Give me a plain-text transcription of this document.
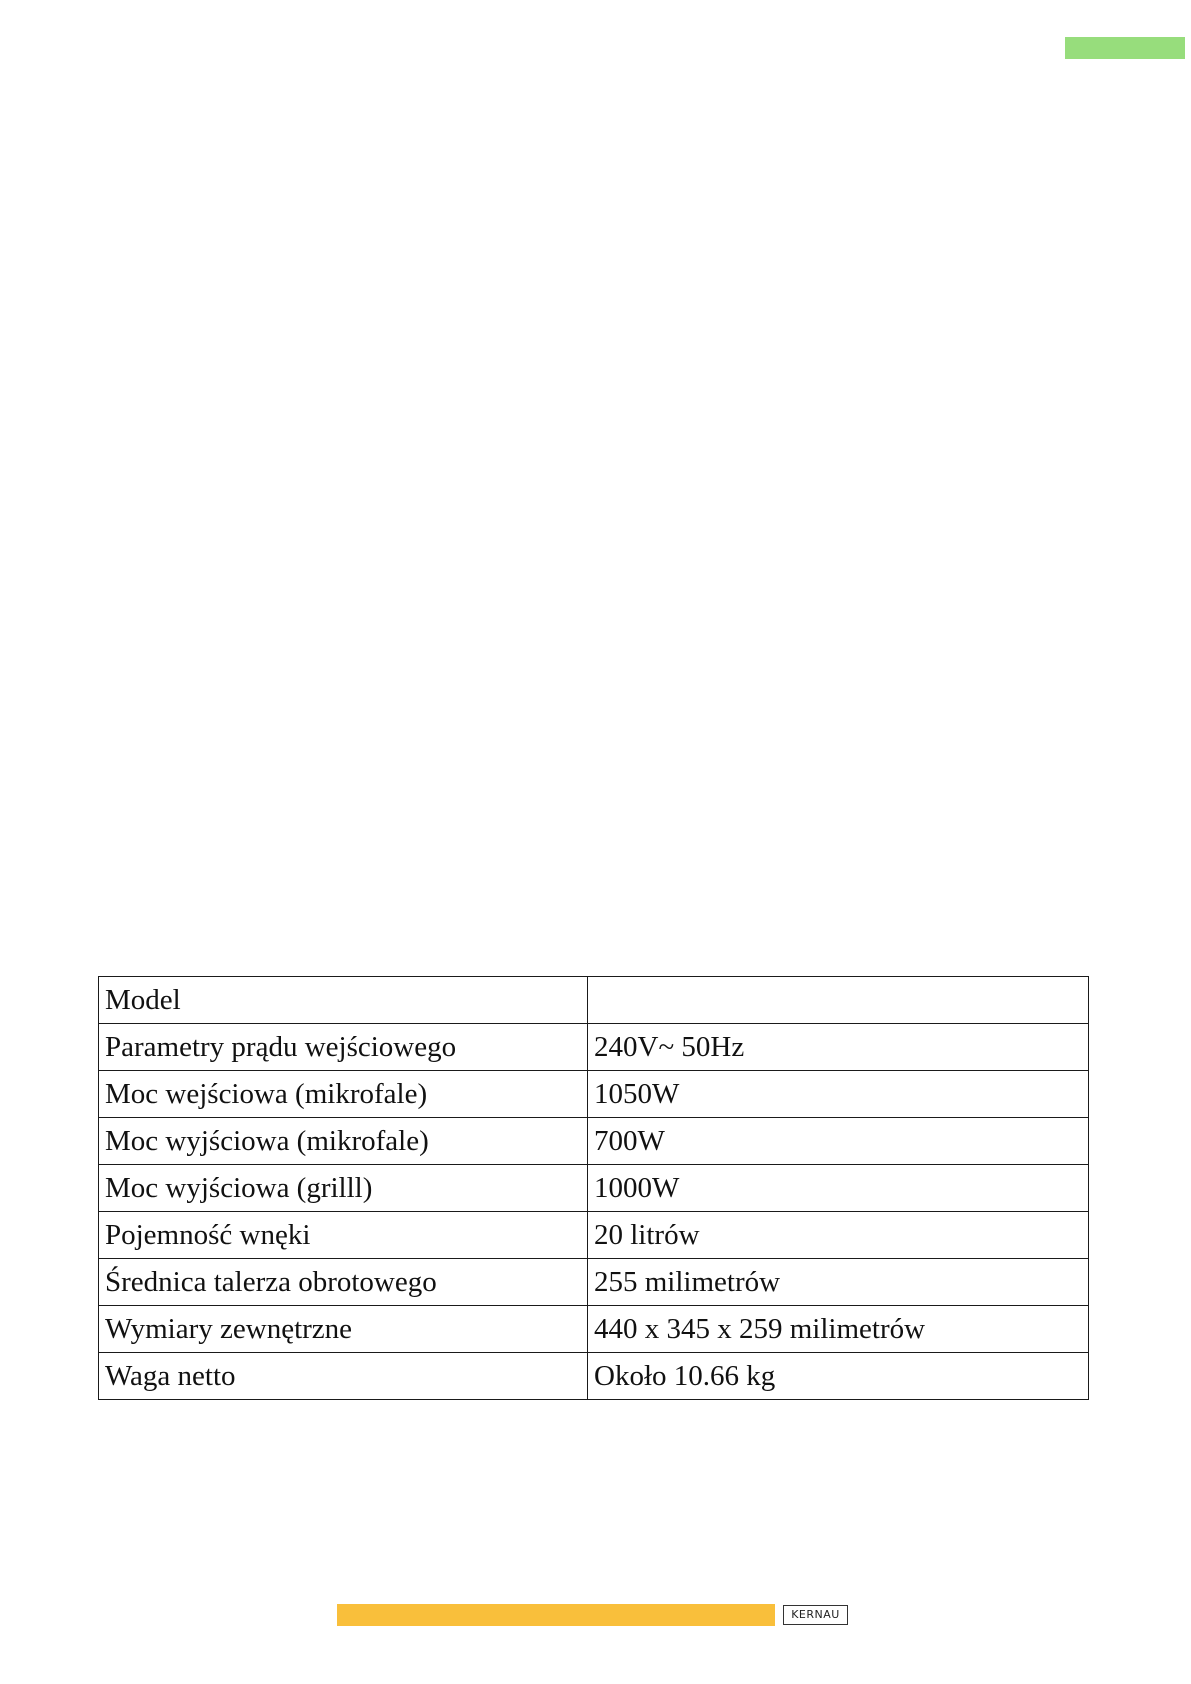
Model	
Parametry prądu wejściowego	240V~ 50Hz
Moc wejściowa (mikrofale)	1050W
Moc wyjściowa (mikrofale)	700W
Moc wyjściowa (grilll)	1000W
Pojemność wnęki	20 litrów
Średnica talerza obrotowego	255 milimetrów
Wymiary zewnętrzne	440 x 345 x 259 milimetrów
Waga netto	Około 10.66 kg
KERNAU
